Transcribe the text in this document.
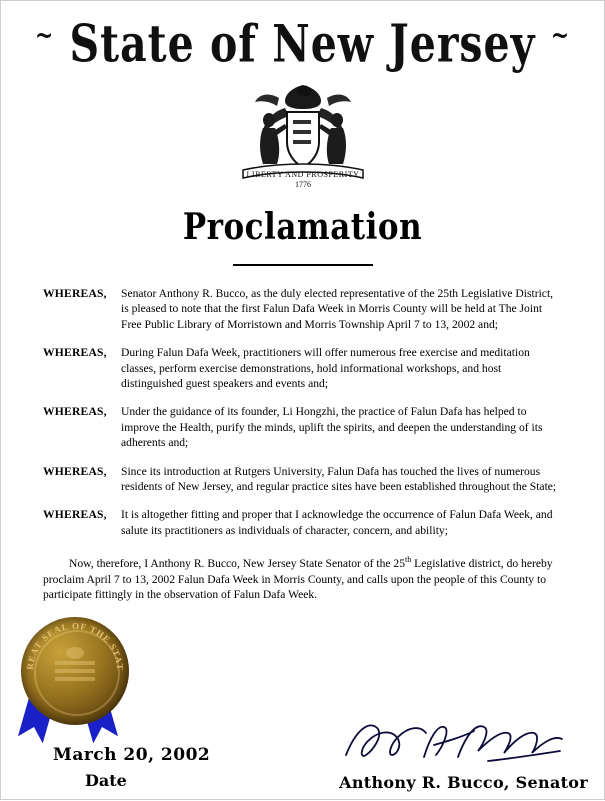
~ State of New Jersey ~
LIBERTY AND PROSPERITY
1776
Proclamation
WHEREAS, Senator Anthony R. Bucco, as the duly elected representative of the 25th Legislative District, is pleased to note that the first Falun Dafa Week in Morris County will be held at The Joint Free Public Library of Morristown and Morris Township April 7 to 13, 2002 and;
WHEREAS, During Falun Dafa Week, practitioners will offer numerous free exercise and meditation classes, perform exercise demonstrations, hold informational workshops, and host distinguished guest speakers and events and;
WHEREAS, Under the guidance of its founder, Li Hongzhi, the practice of Falun Dafa has helped to improve the Health, purify the minds, uplift the spirits, and deepen the understanding of its adherents and;
WHEREAS, Since its introduction at Rutgers University, Falun Dafa has touched the lives of numerous residents of New Jersey, and regular practice sites have been established throughout the State;
WHEREAS, It is altogether fitting and proper that I acknowledge the occurrence of Falun Dafa Week, and salute its practitioners as individuals of character, concern, and ability;
Now, therefore, I Anthony R. Bucco, New Jersey State Senator of the 25th Legislative district, do hereby proclaim April 7 to 13, 2002 Falun Dafa Week in Morris County, and calls upon the people of this County to participate fittingly in the observation of Falun Dafa Week.
REAT SEAL OF THE STAT
March 20, 2002
Date	Anthony R. Bucco, Senator
